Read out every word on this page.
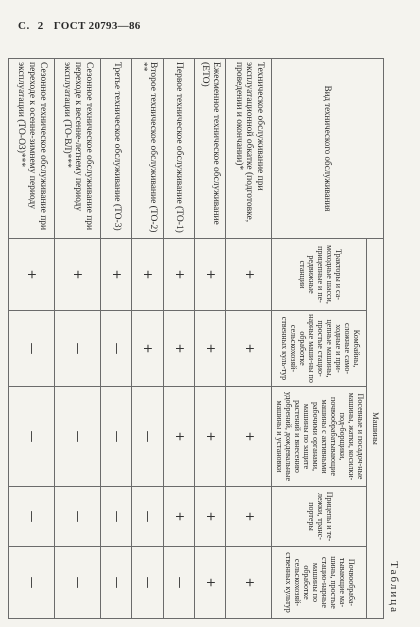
С. 2 ГОСТ 20793—86
Таблица
Вид технического обслуживания	Машины				
	Тракторы и са-моходные шасси, прицепные и пе-редвижные станции	Комбайны, сложные само-ходные и при-цепные машины, простые стацио-нарные маши-ны по обработке сельскохозяй-ственных куль-тур	Посевные и посадоч-ные машины, жатки, косилки-под-борщики, почвообрабатывающие машины с активными рабочими органами, машины по защите растений и внесению удобрений, дождевальные машины и установки	Прицепы и те-лежки, транс-портеры	Почвообраба-тывающие ма-шины, простые стацио-нарные машины по обработке сельскохозяй-ственных культур
Техническое обслуживание при эксплуатационной обкатке (подготовке, проведении и окончании)*	+	+	+	+	+
Ежесменное техническое обслуживание (ЕТО)	+	+	+	+	+
Первое техническое обслуживание (ТО-1)	+	+	+	+	—
Второе техническое обслуживание (ТО-2) **	+	+	—	—	—
Третье техническое обслуживание (ТО-3)	+	—	—	—	—
Сезонное техническое обслуживание при переходе к весенне-летнему периоду эксплуатации (ТО-ВЛ)***	+	—	—	—	—
Сезонное техническое обслуживание при переходе к осенне-зимнему периоду эксплуатации (ТО-ОЗ)***	+	—	—	—	—
